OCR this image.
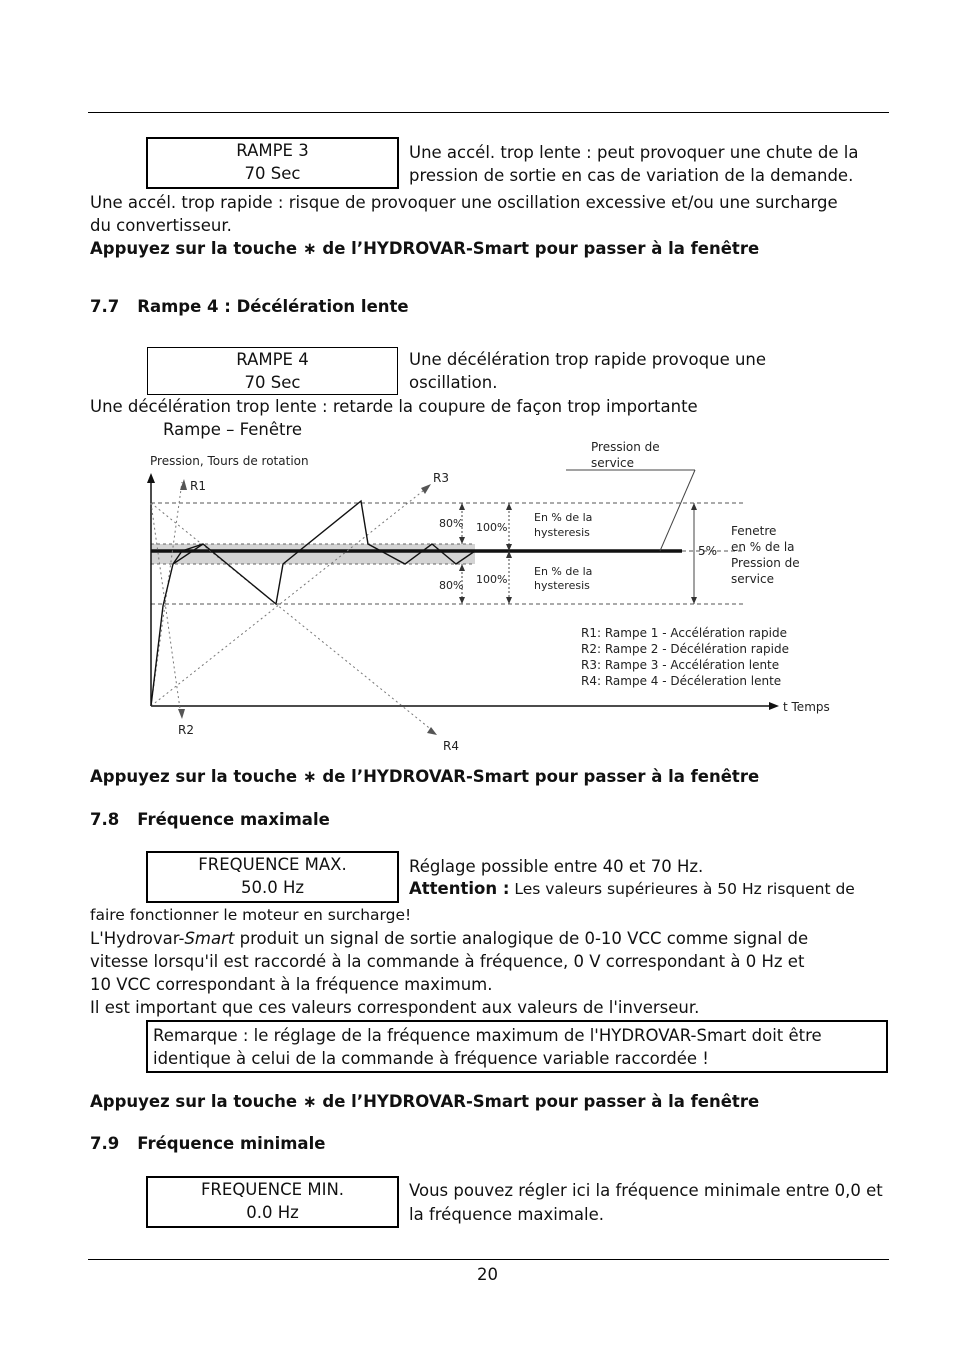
RAMPE 3
70 Sec
Une accél. trop lente : peut provoquer une chute de la
pression de sortie en cas de variation de la demande.
Une accél. trop rapide : risque de provoquer une oscillation excessive et/ou une surcharge
du convertisseur.
Appuyez sur la touche ∗ de l’HYDROVAR-Smart pour passer à la fenêtre
7.7 Rampe 4 : Décélération lente
RAMPE 4
70 Sec
Une décélération trop rapide provoque une
oscillation.
Une décélération trop lente : retarde la coupure de façon trop importante
Rampe – Fenêtre
Pression, Tours de rotation
t Temps
R1
R2
R3
R4
Pression de
service
80% 100%
80% 100%
En % de la
hysteresis
En % de la
hysteresis
5%
Fenetre
en % de la
Pression de
service
R1: Rampe 1 - Accélération rapide
R2: Rampe 2 - Décélération rapide
R3: Rampe 3 - Accélération lente
R4: Rampe 4 - Décéleration lente
Appuyez sur la touche ∗ de l’HYDROVAR-Smart pour passer à la fenêtre
7.8 Fréquence maximale
FREQUENCE MAX.
50.0 Hz
Réglage possible entre 40 et 70 Hz.
Attention : Les valeurs supérieures à 50 Hz risquent de
faire fonctionner le moteur en surcharge!
L'Hydrovar-Smart produit un signal de sortie analogique de 0-10 VCC comme signal de
vitesse lorsqu'il est raccordé à la commande à fréquence, 0 V correspondant à 0 Hz et
10 VCC correspondant à la fréquence maximum.
Il est important que ces valeurs correspondent aux valeurs de l'inverseur.
Remarque : le réglage de la fréquence maximum de l'HYDROVAR-Smart doit être
identique à celui de la commande à fréquence variable raccordée !
Appuyez sur la touche ∗ de l’HYDROVAR-Smart pour passer à la fenêtre
7.9 Fréquence minimale
FREQUENCE MIN.
0.0 Hz
Vous pouvez régler ici la fréquence minimale entre 0,0 et
la fréquence maximale.
20
